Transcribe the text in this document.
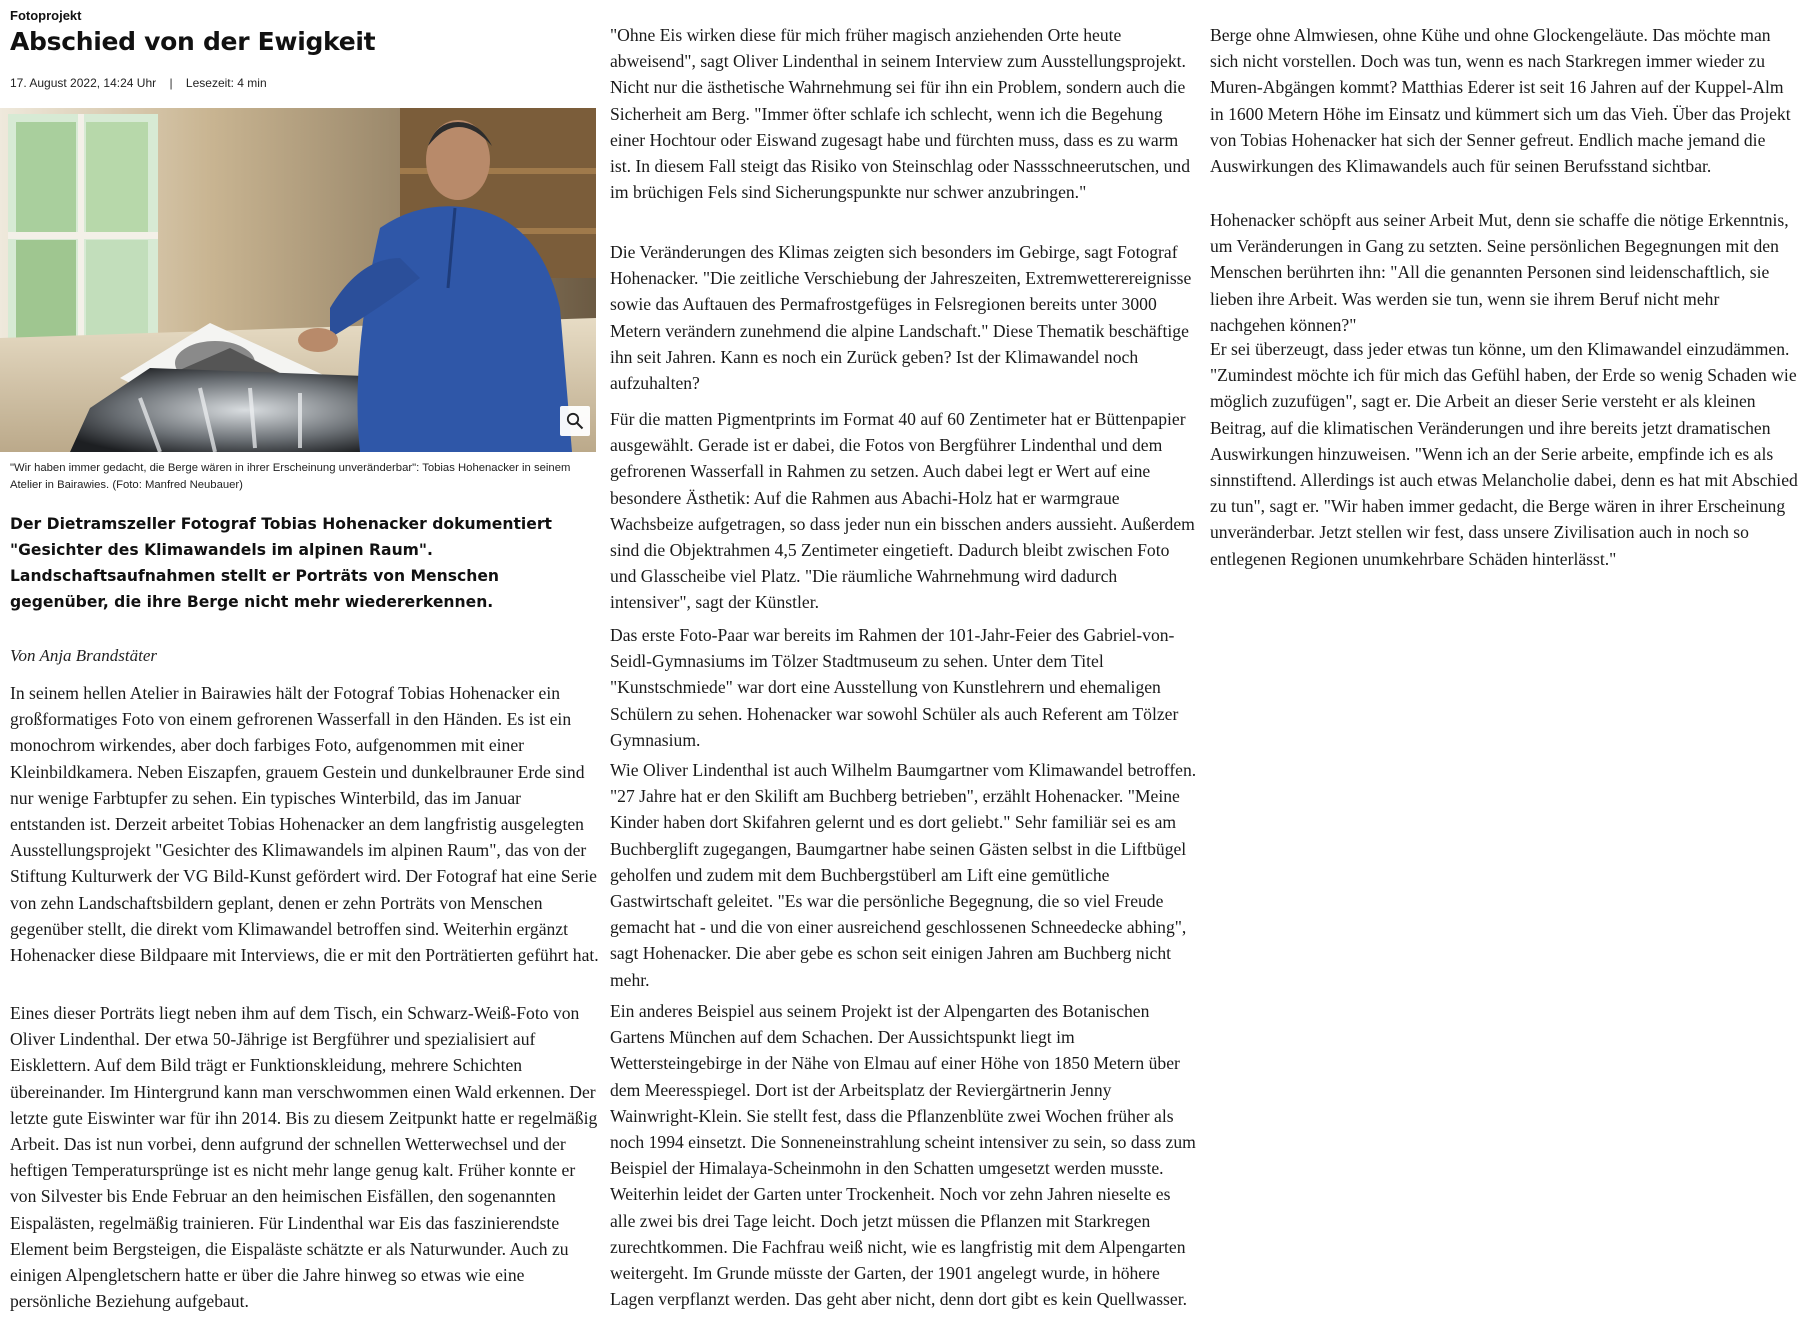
Fotoprojekt
Abschied von der Ewigkeit
17. August 2022, 14:24 Uhr | Lesezeit: 4 min
"Wir haben immer gedacht, die Berge wären in ihrer Erscheinung unveränderbar": Tobias Hohenacker in seinem Atelier in Bairawies. (Foto: Manfred Neubauer)
Der Dietramszeller Fotograf Tobias Hohenacker dokumentiert "Gesichter des Klimawandels im alpinen Raum". Landschaftsaufnahmen stellt er Porträts von Menschen gegenüber, die ihre Berge nicht mehr wiedererkennen.
Von Anja Brandstäter

In seinem hellen Atelier in Bairawies hält der Fotograf Tobias Hohenacker ein großformatiges Foto von einem gefrorenen Wasserfall in den Händen. Es ist ein monochrom wirkendes, aber doch farbiges Foto, aufgenommen mit einer Kleinbildkamera. Neben Eiszapfen, grauem Gestein und dunkelbrauner Erde sind nur wenige Farbtupfer zu sehen. Ein typisches Winterbild, das im Januar entstanden ist. Derzeit arbeitet Tobias Hohenacker an dem langfristig ausgelegten Ausstellungsprojekt "Gesichter des Klimawandels im alpinen Raum", das von der Stiftung Kulturwerk der VG Bild-Kunst gefördert wird. Der Fotograf hat eine Serie von zehn Landschaftsbildern geplant, denen er zehn Porträts von Menschen gegenüber stellt, die direkt vom Klimawandel betroffen sind. Weiterhin ergänzt Hohenacker diese Bildpaare mit Interviews, die er mit den Porträtierten geführt hat.

Eines dieser Porträts liegt neben ihm auf dem Tisch, ein Schwarz-Weiß-Foto von Oliver Lindenthal. Der etwa 50-Jährige ist Bergführer und spezialisiert auf Eisklettern. Auf dem Bild trägt er Funktionskleidung, mehrere Schichten übereinander. Im Hintergrund kann man verschwommen einen Wald erkennen. Der letzte gute Eiswinter war für ihn 2014. Bis zu diesem Zeitpunkt hatte er regelmäßig Arbeit. Das ist nun vorbei, denn aufgrund der schnellen Wetterwechsel und der heftigen Temperatursprünge ist es nicht mehr lange genug kalt. Früher konnte er von Silvester bis Ende Februar an den heimischen Eisfällen, den sogenannten Eispalästen, regelmäßig trainieren. Für Lindenthal war Eis das faszinierendste Element beim Bergsteigen, die Eispaläste schätzte er als Naturwunder. Auch zu einigen Alpengletschern hatte er über die Jahre hinweg so etwas wie eine persönliche Beziehung aufgebaut.

"Ohne Eis wirken diese für mich früher magisch anziehenden Orte heute abweisend", sagt Oliver Lindenthal in seinem Interview zum Ausstellungsprojekt. Nicht nur die ästhetische Wahrnehmung sei für ihn ein Problem, sondern auch die Sicherheit am Berg. "Immer öfter schlafe ich schlecht, wenn ich die Begehung einer Hochtour oder Eiswand zugesagt habe und fürchten muss, dass es zu warm ist. In diesem Fall steigt das Risiko von Steinschlag oder Nassschneerutschen, und im brüchigen Fels sind Sicherungspunkte nur schwer anzubringen."

Die Veränderungen des Klimas zeigten sich besonders im Gebirge, sagt Fotograf Hohenacker. "Die zeitliche Verschiebung der Jahreszeiten, Extremwetterereignisse sowie das Auftauen des Permafrostgefüges in Felsregionen bereits unter 3000 Metern verändern zunehmend die alpine Landschaft." Diese Thematik beschäftige ihn seit Jahren. Kann es noch ein Zurück geben? Ist der Klimawandel noch aufzuhalten?

Für die matten Pigmentprints im Format 40 auf 60 Zentimeter hat er Büttenpapier ausgewählt. Gerade ist er dabei, die Fotos von Bergführer Lindenthal und dem gefrorenen Wasserfall in Rahmen zu setzen. Auch dabei legt er Wert auf eine besondere Ästhetik: Auf die Rahmen aus Abachi-Holz hat er warmgraue Wachsbeize aufgetragen, so dass jeder nun ein bisschen anders aussieht. Außerdem sind die Objektrahmen 4,5 Zentimeter eingetieft. Dadurch bleibt zwischen Foto und Glasscheibe viel Platz. "Die räumliche Wahrnehmung wird dadurch intensiver", sagt der Künstler.

Das erste Foto-Paar war bereits im Rahmen der 101-Jahr-Feier des Gabriel-von-Seidl-Gymnasiums im Tölzer Stadtmuseum zu sehen. Unter dem Titel "Kunstschmiede" war dort eine Ausstellung von Kunstlehrern und ehemaligen Schülern zu sehen. Hohenacker war sowohl Schüler als auch Referent am Tölzer Gymnasium.

Wie Oliver Lindenthal ist auch Wilhelm Baumgartner vom Klimawandel betroffen. "27 Jahre hat er den Skilift am Buchberg betrieben", erzählt Hohenacker. "Meine Kinder haben dort Skifahren gelernt und es dort geliebt." Sehr familiär sei es am Buchberglift zugegangen, Baumgartner habe seinen Gästen selbst in die Liftbügel geholfen und zudem mit dem Buchbergstüberl am Lift eine gemütliche Gastwirtschaft geleitet. "Es war die persönliche Begegnung, die so viel Freude gemacht hat - und die von einer ausreichend geschlossenen Schneedecke abhing", sagt Hohenacker. Die aber gebe es schon seit einigen Jahren am Buchberg nicht mehr.

Ein anderes Beispiel aus seinem Projekt ist der Alpengarten des Botanischen Gartens München auf dem Schachen. Der Aussichtspunkt liegt im Wettersteingebirge in der Nähe von Elmau auf einer Höhe von 1850 Metern über dem Meeresspiegel. Dort ist der Arbeitsplatz der Reviergärtnerin Jenny Wainwright-Klein. Sie stellt fest, dass die Pflanzenblüte zwei Wochen früher als noch 1994 einsetzt. Die Sonneneinstrahlung scheint intensiver zu sein, so dass zum Beispiel der Himalaya-Scheinmohn in den Schatten umgesetzt werden musste. Weiterhin leidet der Garten unter Trockenheit. Noch vor zehn Jahren nieselte es alle zwei bis drei Tage leicht. Doch jetzt müssen die Pflanzen mit Starkregen zurechtkommen. Die Fachfrau weiß nicht, wie es langfristig mit dem Alpengarten weitergeht. Im Grunde müsste der Garten, der 1901 angelegt wurde, in höhere Lagen verpflanzt werden. Das geht aber nicht, denn dort gibt es kein Quellwasser.

Berge ohne Almwiesen, ohne Kühe und ohne Glockengeläute. Das möchte man sich nicht vorstellen. Doch was tun, wenn es nach Starkregen immer wieder zu Muren-Abgängen kommt? Matthias Ederer ist seit 16 Jahren auf der Kuppel-Alm in 1600 Metern Höhe im Einsatz und kümmert sich um das Vieh. Über das Projekt von Tobias Hohenacker hat sich der Senner gefreut. Endlich mache jemand die Auswirkungen des Klimawandels auch für seinen Berufsstand sichtbar.

Hohenacker schöpft aus seiner Arbeit Mut, denn sie schaffe die nötige Erkenntnis, um Veränderungen in Gang zu setzten. Seine persönlichen Begegnungen mit den Menschen berührten ihn: "All die genannten Personen sind leidenschaftlich, sie lieben ihre Arbeit. Was werden sie tun, wenn sie ihrem Beruf nicht mehr nachgehen können?"

Er sei überzeugt, dass jeder etwas tun könne, um den Klimawandel einzudämmen. "Zumindest möchte ich für mich das Gefühl haben, der Erde so wenig Schaden wie möglich zuzufügen", sagt er. Die Arbeit an dieser Serie versteht er als kleinen Beitrag, auf die klimatischen Veränderungen und ihre bereits jetzt dramatischen Auswirkungen hinzuweisen. "Wenn ich an der Serie arbeite, empfinde ich es als sinnstiftend. Allerdings ist auch etwas Melancholie dabei, denn es hat mit Abschied zu tun", sagt er. "Wir haben immer gedacht, die Berge wären in ihrer Erscheinung unveränderbar. Jetzt stellen wir fest, dass unsere Zivilisation auch in noch so entlegenen Regionen unumkehrbare Schäden hinterlässt."
